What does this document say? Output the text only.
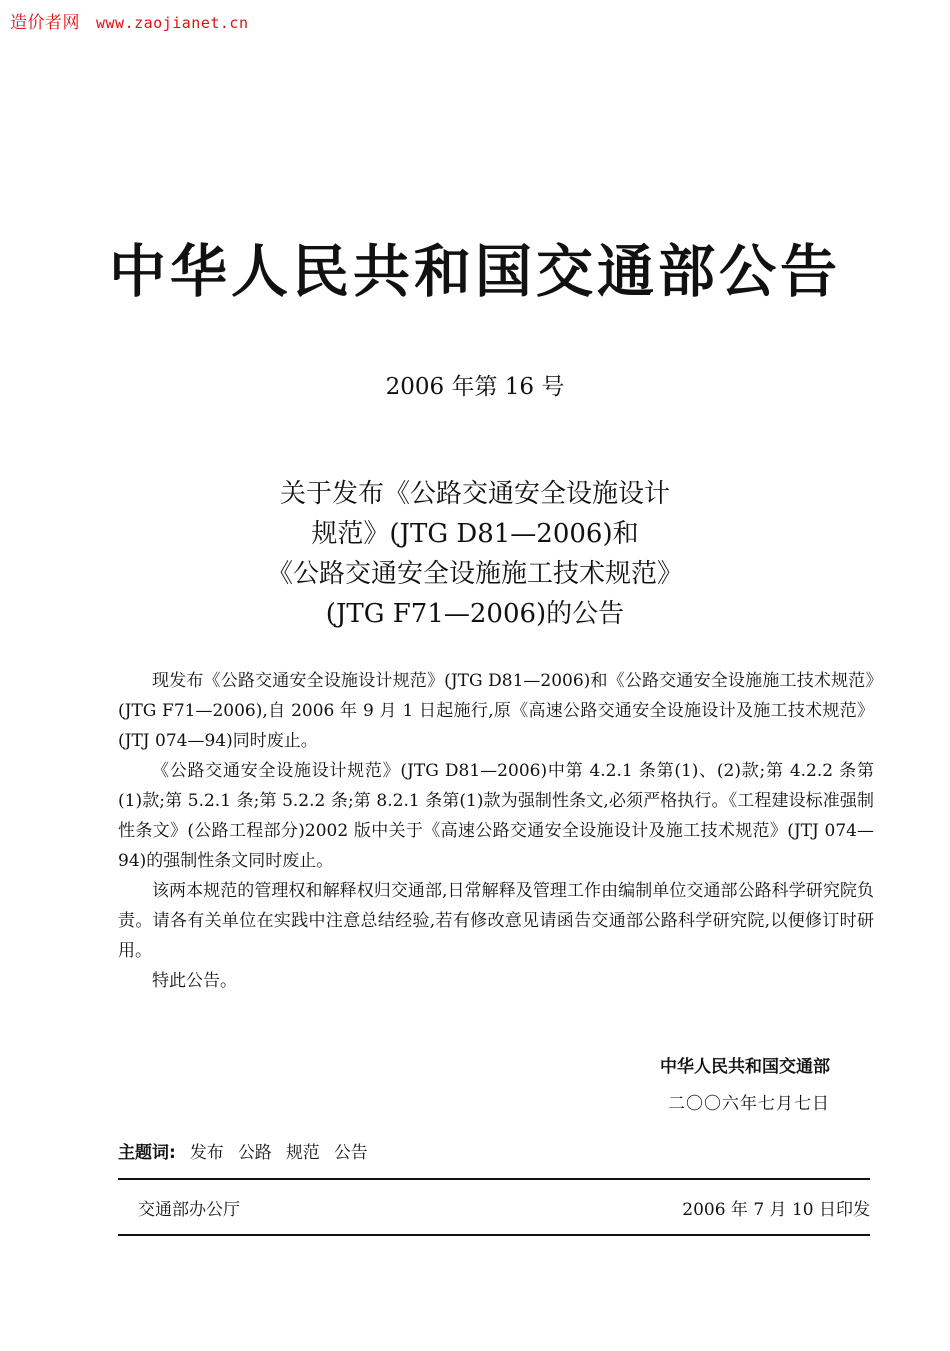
造价者网 www.zaojianet.cn
中华人民共和国交通部公告
2006 年第 16 号
关于发布《公路交通安全设施设计
规范》(JTG D81—2006)和
《公路交通安全设施施工技术规范》
(JTG F71—2006)的公告

现发布《公路交通安全设施设计规范》(JTG D81—2006)和《公路交通安全设施施工技术规范》(JTG F71—2006),自 2006 年 9 月 1 日起施行,原《高速公路交通安全设施设计及施工技术规范》(JTJ 074—94)同时废止。

《公路交通安全设施设计规范》(JTG D81—2006)中第 4.2.1 条第(1)、(2)款;第 4.2.2 条第(1)款;第 5.2.1 条;第 5.2.2 条;第 8.2.1 条第(1)款为强制性条文,必须严格执行。《工程建设标准强制性条文》(公路工程部分)2002 版中关于《高速公路交通安全设施设计及施工技术规范》(JTJ 074—94)的强制性条文同时废止。

该两本规范的管理权和解释权归交通部,日常解释及管理工作由编制单位交通部公路科学研究院负责。请各有关单位在实践中注意总结经验,若有修改意见请函告交通部公路科学研究院,以便修订时研用。

特此公告。

中华人民共和国交通部
二〇〇六年七月七日
主题词: 发布 公路 规范 公告
交通部办公厅	2006 年 7 月 10 日印发
